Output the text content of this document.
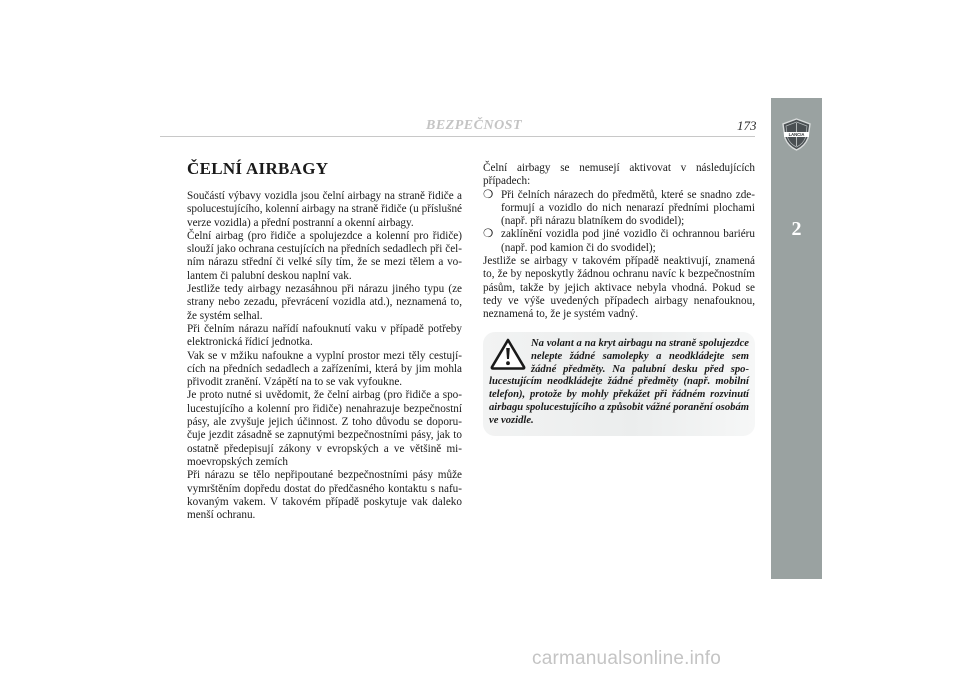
BEZPEČNOST	173
LANCIA
2
ČELNÍ AIRBAGY

Součástí výbavy vozidla jsou čelní airbagy na straně řidiče a spolucestujícího, kolenní airbagy na straně řidiče (u příslušné verze vozidla) a přední postranní a okenní airbagy.

Čelní airbag (pro řidiče a spolujezdce a kolenní pro řidiče) slouží jako ochrana cestujících na předních sedadlech při čelním nárazu střední či velké síly tím, že se mezi tělem a volantem či palubní deskou naplní vak.

Jestliže tedy airbagy nezasáhnou při nárazu jiného typu (ze strany nebo zezadu, převrácení vozidla atd.), neznamená to, že systém selhal.

Při čelním nárazu nařídí nafouknutí vaku v případě potřeby elektronická řídicí jednotka.

Vak se v mžiku nafoukne a vyplní prostor mezi těly cestujících na předních sedadlech a zařízeními, která by jim mohla přivodit zranění. Vzápětí na to se vak vyfoukne.

Je proto nutné si uvědomit, že čelní airbag (pro řidiče a spolucestujícího a kolenní pro řidiče) nenahrazuje bezpečnostní pásy, ale zvyšuje jejich účinnost. Z toho důvodu se doporučuje jezdit zásadně se zapnutými bezpečnostními pásy, jak to ostatně předepisují zákony v evropských a ve většině mimoevropských zemích

Při nárazu se tělo nepřipoutané bezpečnostními pásy může vymrštěním dopředu dostat do předčasného kontaktu s nafukovaným vakem. V takovém případě poskytuje vak daleko menší ochranu.

Čelní airbagy se nemusejí aktivovat v následujících případech:

❍ Při čelních nárazech do předmětů, které se snadno zdeformují a vozidlo do nich nenarazí předními plochami (např. při nárazu blatníkem do svodidel);
❍ zaklínění vozidla pod jiné vozidlo či ochrannou bariéru (např. pod kamion či do svodidel);

Jestliže se airbagy v takovém případě neaktivují, znamená to, že by neposkytly žádnou ochranu navíc k bezpečnostním pásům, takže by jejich aktivace nebyla vhodná. Pokud se tedy ve výše uvedených případech airbagy nenafouknou, neznamená to, že je systém vadný.

Na volant a na kryt airbagu na straně spolujezdce nelepte žádné samolepky a neodkládejte sem žádné předměty. Na palubní desku před spolucestujícím neodkládejte žádné předměty (např. mobilní telefon), protože by mohly překážet při řádném rozvinutí airbagu spolucestujícího a způsobit vážné poranění osobám ve vozidle.

carmanualsonline.info
